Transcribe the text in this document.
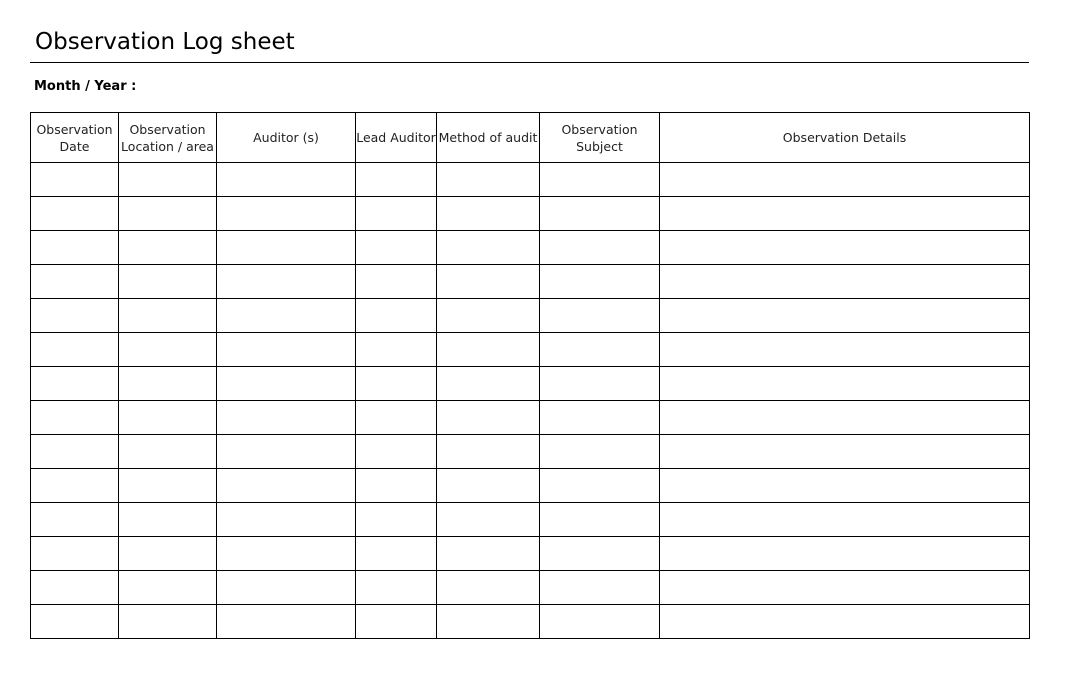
Observation Log sheet
Month / Year :
Observation Date	Observation Location / area	Auditor (s)	Lead Auditor	Method of audit	Observation Subject	Observation Details
